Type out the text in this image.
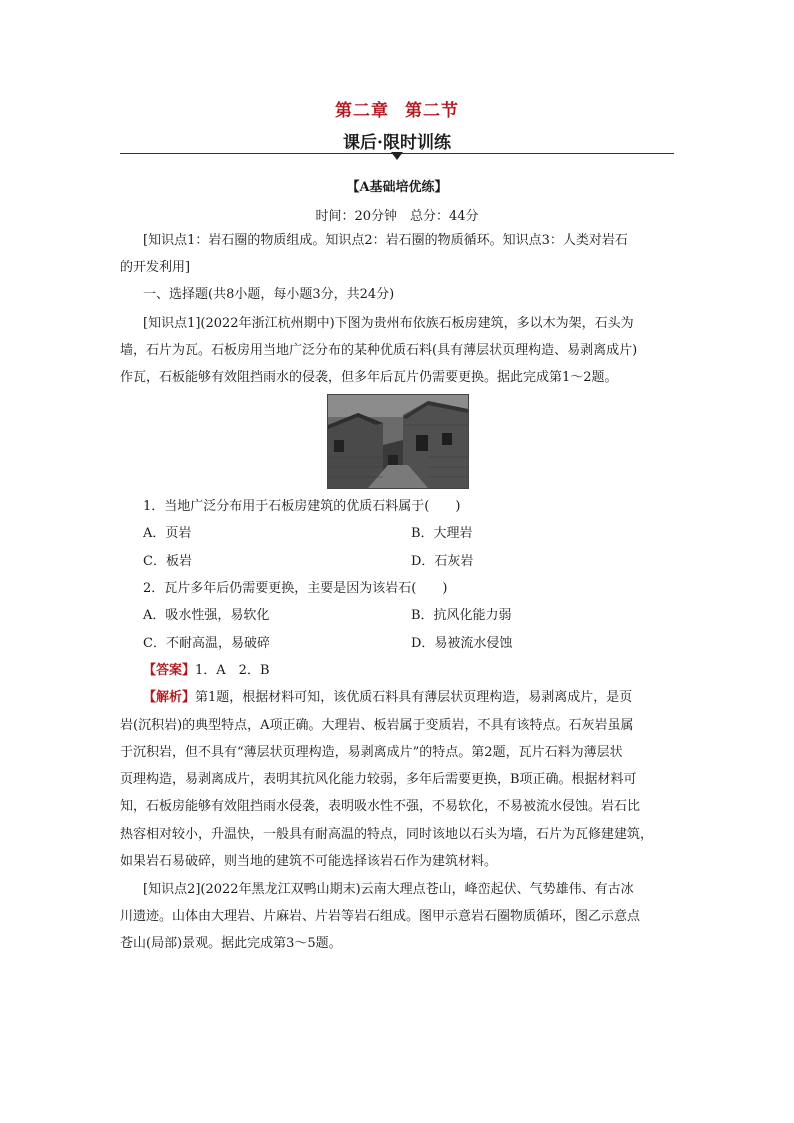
第二章 第二节
课后·限时训练
【A基础培优练】
时间：20分钟　总分：44分
[知识点1：岩石圈的物质组成。知识点2：岩石圈的物质循环。知识点3：人类对岩石
的开发利用]
一、选择题(共8小题，每小题3分，共24分)
[知识点1](2022年浙江杭州期中)下图为贵州布依族石板房建筑，多以木为架，石头为
墙，石片为瓦。石板房用当地广泛分布的某种优质石料(具有薄层状页理构造、易剥离成片)
作瓦，石板能够有效阻挡雨水的侵袭，但多年后瓦片仍需要更换。据此完成第1～2题。
1．当地广泛分布用于石板房建筑的优质石料属于(　　)
A．页岩	B．大理岩
C．板岩	D．石灰岩
2．瓦片多年后仍需要更换，主要是因为该岩石(　　)
A．吸水性强，易软化	B．抗风化能力弱
C．不耐高温，易破碎	D．易被流水侵蚀
【答案】1．A　2．B
【解析】第1题，根据材料可知，该优质石料具有薄层状页理构造，易剥离成片，是页
岩(沉积岩)的典型特点，A项正确。大理岩、板岩属于变质岩，不具有该特点。石灰岩虽属
于沉积岩，但不具有“薄层状页理构造，易剥离成片”的特点。第2题，瓦片石料为薄层状
页理构造，易剥离成片，表明其抗风化能力较弱，多年后需要更换，B项正确。根据材料可
知，石板房能够有效阻挡雨水侵袭，表明吸水性不强，不易软化，不易被流水侵蚀。岩石比
热容相对较小，升温快，一般具有耐高温的特点，同时该地以石头为墙，石片为瓦修建建筑，
如果岩石易破碎，则当地的建筑不可能选择该岩石作为建筑材料。
[知识点2](2022年黑龙江双鸭山期末)云南大理点苍山，峰峦起伏、气势雄伟、有古冰
川遗迹。山体由大理岩、片麻岩、片岩等岩石组成。图甲示意岩石圈物质循环，图乙示意点
苍山(局部)景观。据此完成第3～5题。
